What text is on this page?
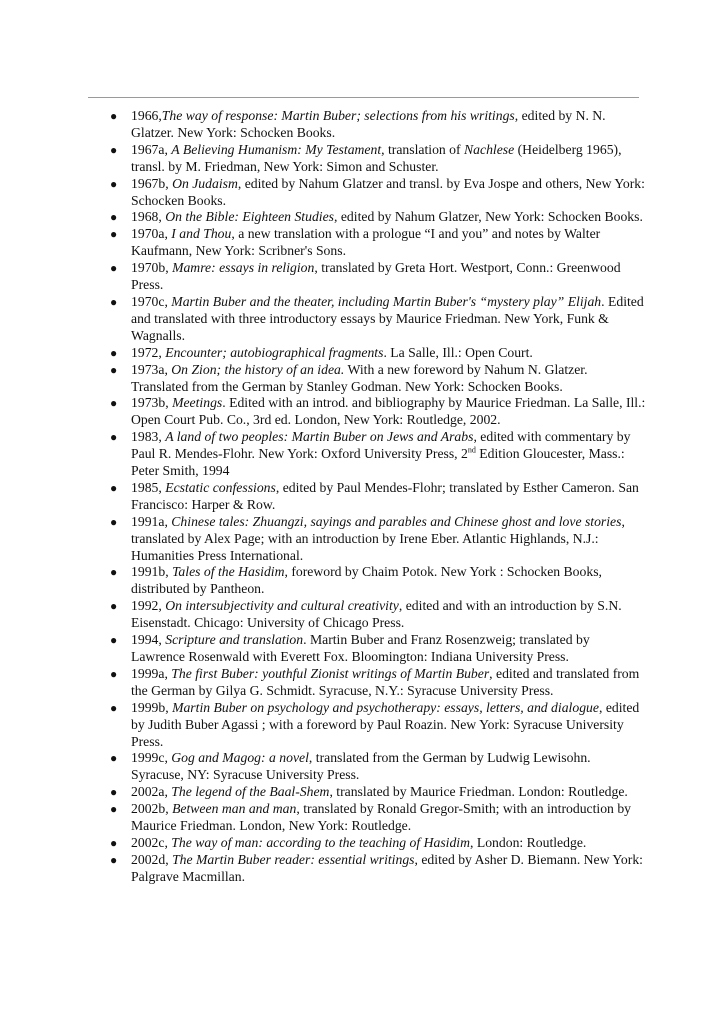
● 1966,The way of response: Martin Buber; selections from his writings, edited by N. N. Glatzer. New York: Schocken Books.
● 1967a, A Believing Humanism: My Testament, translation of Nachlese (Heidelberg 1965), transl. by M. Friedman, New York: Simon and Schuster.
● 1967b, On Judaism, edited by Nahum Glatzer and transl. by Eva Jospe and others, New York: Schocken Books.
● 1968, On the Bible: Eighteen Studies, edited by Nahum Glatzer, New York: Schocken Books.
● 1970a, I and Thou, a new translation with a prologue “I and you” and notes by Walter Kaufmann, New York: Scribner's Sons.
● 1970b, Mamre: essays in religion, translated by Greta Hort. Westport, Conn.: Greenwood Press.
● 1970c, Martin Buber and the theater, including Martin Buber's “mystery play” Elijah. Edited and translated with three introductory essays by Maurice Friedman. New York, Funk & Wagnalls.
● 1972, Encounter; autobiographical fragments. La Salle, Ill.: Open Court.
● 1973a, On Zion; the history of an idea. With a new foreword by Nahum N. Glatzer. Translated from the German by Stanley Godman. New York: Schocken Books.
● 1973b, Meetings. Edited with an introd. and bibliography by Maurice Friedman. La Salle, Ill.: Open Court Pub. Co., 3rd ed. London, New York: Routledge, 2002.
● 1983, A land of two peoples: Martin Buber on Jews and Arabs, edited with commentary by Paul R. Mendes-Flohr. New York: Oxford University Press, 2nd Edition Gloucester, Mass.: Peter Smith, 1994
● 1985, Ecstatic confessions, edited by Paul Mendes-Flohr; translated by Esther Cameron. San Francisco: Harper & Row.
● 1991a, Chinese tales: Zhuangzi, sayings and parables and Chinese ghost and love stories, translated by Alex Page; with an introduction by Irene Eber. Atlantic Highlands, N.J.: Humanities Press International.
● 1991b, Tales of the Hasidim, foreword by Chaim Potok. New York : Schocken Books, distributed by Pantheon.
● 1992, On intersubjectivity and cultural creativity, edited and with an introduction by S.N. Eisenstadt. Chicago: University of Chicago Press.
● 1994, Scripture and translation. Martin Buber and Franz Rosenzweig; translated by Lawrence Rosenwald with Everett Fox. Bloomington: Indiana University Press.
● 1999a, The first Buber: youthful Zionist writings of Martin Buber, edited and translated from the German by Gilya G. Schmidt. Syracuse, N.Y.: Syracuse University Press.
● 1999b, Martin Buber on psychology and psychotherapy: essays, letters, and dialogue, edited by Judith Buber Agassi ; with a foreword by Paul Roazin. New York: Syracuse University Press.
● 1999c, Gog and Magog: a novel, translated from the German by Ludwig Lewisohn. Syracuse, NY: Syracuse University Press.
● 2002a, The legend of the Baal-Shem, translated by Maurice Friedman. London: Routledge.
● 2002b, Between man and man, translated by Ronald Gregor-Smith; with an introduction by Maurice Friedman. London, New York: Routledge.
● 2002c, The way of man: according to the teaching of Hasidim, London: Routledge.
● 2002d, The Martin Buber reader: essential writings, edited by Asher D. Biemann. New York: Palgrave Macmillan.
